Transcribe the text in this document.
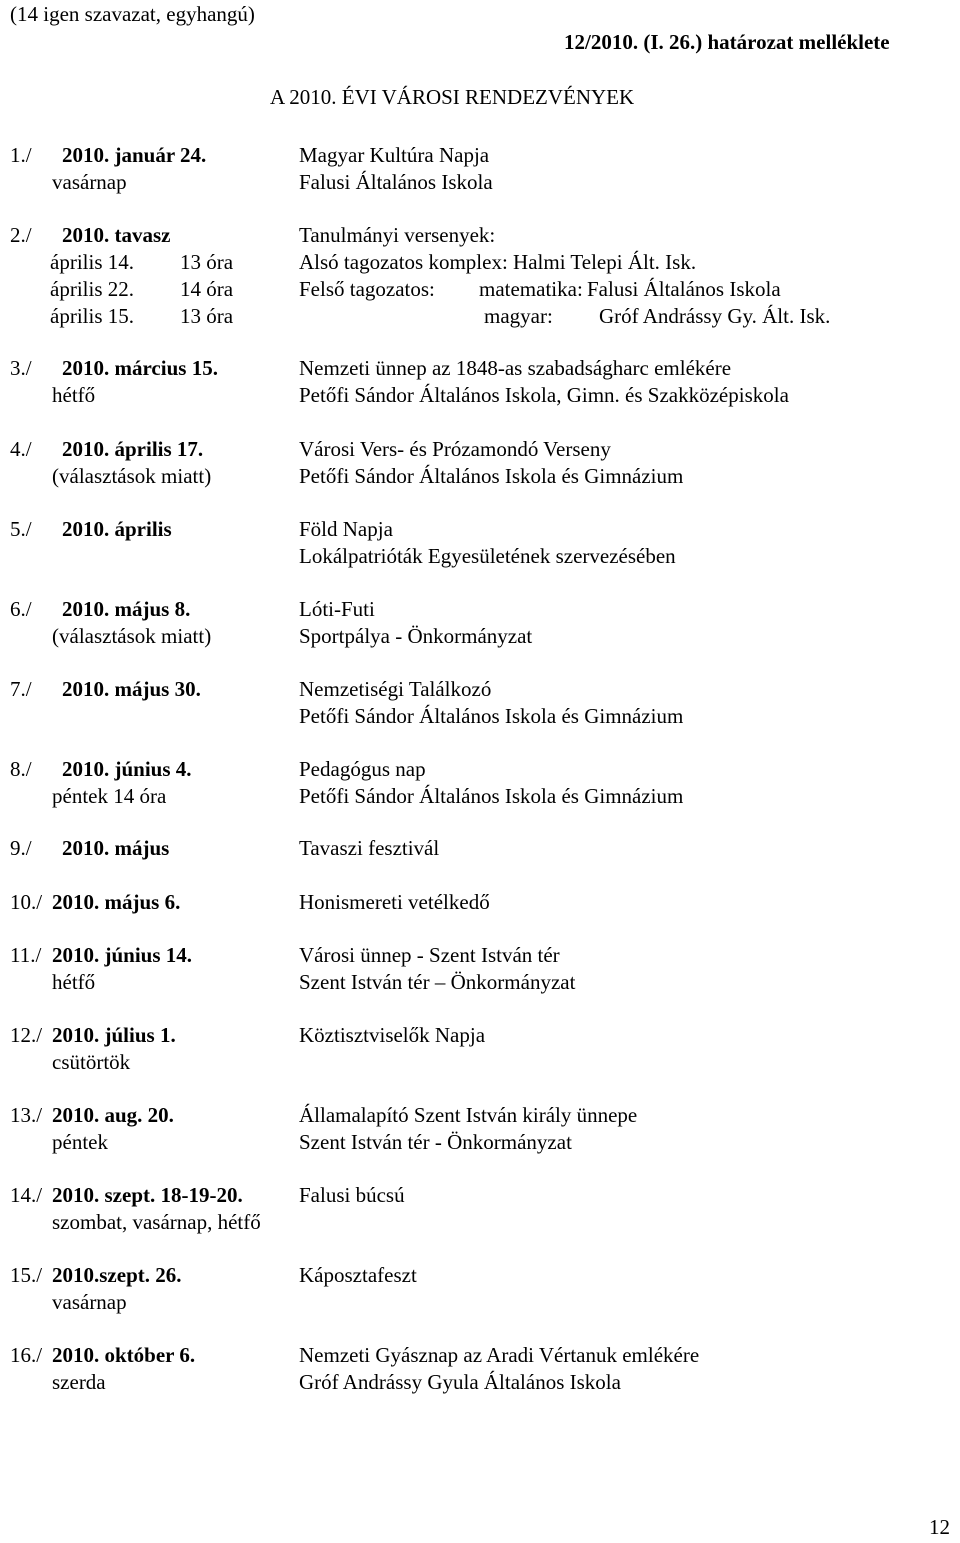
(14 igen szavazat, egyhangú)
12/2010. (I. 26.) határozat melléklete
A 2010. ÉVI VÁROSI RENDEZVÉNYEK
1./ 2010. január 24.	Magyar Kultúra Napja
vasárnap	Falusi Általános Iskola
2./ 2010. tavasz	Tanulmányi versenyek:
április 14. 13 óra	Alsó tagozatos komplex: Halmi Telepi Ált. Isk.
április 22. 14 óra	Felső tagozatos: matematika: Falusi Általános Iskola
április 15. 13 óra	magyar: Gróf Andrássy Gy. Ált. Isk.
3./ 2010. március 15.	Nemzeti ünnep az 1848-as szabadságharc emlékére
hétfő	Petőfi Sándor Általános Iskola, Gimn. és Szakközépiskola
4./ 2010. április 17.	Városi Vers- és Prózamondó Verseny
(választások miatt)	Petőfi Sándor Általános Iskola és Gimnázium
5./ 2010. április	Föld Napja
Lokálpatrióták Egyesületének szervezésében
6./ 2010. május 8.	Lóti-Futi
(választások miatt)	Sportpálya - Önkormányzat
7./ 2010. május 30.	Nemzetiségi Találkozó
Petőfi Sándor Általános Iskola és Gimnázium
8./ 2010. június 4.	Pedagógus nap
péntek 14 óra	Petőfi Sándor Általános Iskola és Gimnázium
9./ 2010. május	Tavaszi fesztivál
10./ 2010. május 6.	Honismereti vetélkedő
11./ 2010. június 14.	Városi ünnep - Szent István tér
hétfő	Szent István tér – Önkormányzat
12./ 2010. július 1.	Köztisztviselők Napja
csütörtök
13./ 2010. aug. 20.	Államalapító Szent István király ünnepe
péntek	Szent István tér - Önkormányzat
14./ 2010. szept. 18-19-20.	Falusi búcsú
szombat, vasárnap, hétfő
15./ 2010.szept. 26.	Káposztafeszt
vasárnap
16./ 2010. október 6.	Nemzeti Gyásznap az Aradi Vértanuk emlékére
szerda	Gróf Andrássy Gyula Általános Iskola
12
